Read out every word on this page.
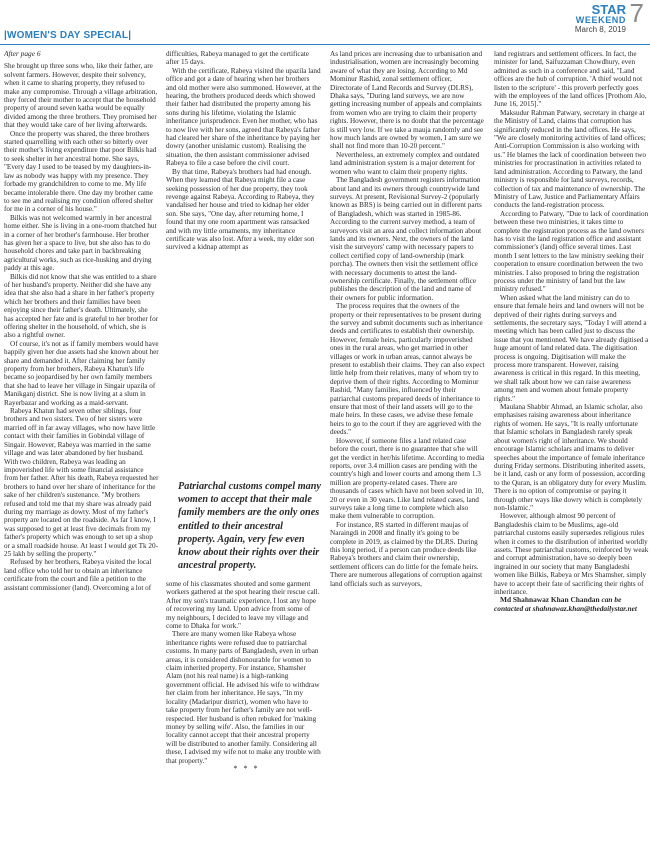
|WOMEN'S DAY SPECIAL|
STAR
WEEKEND
March 8, 2019
7

After page 6

She brought up three sons who, like their father, are solvent farmers. However, despite their solvency, when it came to sharing property, they refused to make any compromise. Through a village arbitration, they forced their mother to accept that the household property of around seven katha would be equally divided among the three brothers. They promised her that they would take care of her living afterwards.

Once the property was shared, the three brothers started quarrelling with each other so bitterly over their mother's living expenditure that poor Bilkis had to seek shelter in her ancestral home. She says, "Every day I used to be teased by my daughters-in-law as nobody was happy with my presence. They forbade my grandchildren to come to me. My life became intolerable there. One day my brother came to see me and realising my condition offered shelter for me in a corner of his house."

Bilkis was not welcomed warmly in her ancestral home either. She is living in a one-room thatched hut in a corner of her brother's farmhouse. Her brother has given her a space to live, but she also has to do household chores and take part in backbreaking agricultural works, such as rice-husking and drying paddy at this age.

Bilkis did not know that she was entitled to a share of her husband's property. Neither did she have any idea that she also had a share in her father's property which her brothers and their families have been enjoying since their father's death. Ultimately, she has accepted her fate and is grateful to her brother for offering shelter in the household, of which, she is also a rightful owner.

Of course, it's not as if family members would have happily given her due assets had she known about her share and demanded it. After claiming her family property from her brothers, Rabeya Khatun's life became so jeopardised by her own family members that she had to leave her village in Singair upazila of Manikganj district. She is now living at a slum in Rayerbazar and working as a maid-servant.

Rabeya Khatun had seven other siblings, four brothers and two sisters. Two of her sisters were married off in far away villages, who now have little contact with their families in Gobindal village of Singair. However, Rabeya was married in the same village and was later abandoned by her husband. With two children, Rabeya was leading an impoverished life with some financial assistance from her father. After his death, Rabeya requested her brothers to hand over her share of inheritance for the sake of her children's sustenance. "My brothers refused and told me that my share was already paid during my marriage as dowry. Most of my father's property are located on the roadside. As far I know, I was supposed to get at least five decimals from my father's property which was enough to set up a shop or a small roadside house. At least I would get Tk 20-25 lakh by selling the property."

Refused by her brothers, Rabeya visited the local land office who told her to obtain an inheritance certificate from the court and file a petition to the assistant commissioner (land). Overcoming a lot of

difficulties, Rabeya managed to get the certificate after 15 days.

With the certificate, Rabeya visited the upazila land office and got a date of hearing when her brothers and old mother were also summoned. However, at the hearing, the brothers produced deeds which showed their father had distributed the property among his sons during his lifetime, violating the Islamic inheritance jurisprudence. Even her mother, who has to now live with her sons, agreed that Rabeya's father had cleared her share of the inheritance by paying her dowry (another unislamic custom). Realising the situation, the then assistant commissioner advised Rabeya to file a case before the civil court.

By that time, Rabeya's brothers had had enough. When they learned that Rabeya might file a case seeking possession of her due property, they took revenge against Rabeya. According to Rabeya, they vandalised her house and tried to kidnap her elder son. She says, "One day, after returning home, I found that my one room apartment was ransacked and with my little ornaments, my inheritance certificate was also lost. After a week, my elder son survived a kidnap attempt as

some of his classmates shouted and some garment workers gathered at the spot hearing their rescue call. After my son's traumatic experience, I lost any hope of recovering my land. Upon advice from some of my neighbours, I decided to leave my village and come to Dhaka for work."

There are many women like Rabeya whose inheritance rights were refused due to patriarchal customs. In many parts of Bangladesh, even in urban areas, it is considered dishonourable for women to claim inherited property. For instance, Shamsher Alam (not his real name) is a high-ranking government official. He advised his wife to withdraw her claim from her inheritance. He says, "In my locality (Madaripur district), women who have to take property from her father's family are not well-respected. Her husband is often rebuked for 'making money by selling wife'. Also, the families in our locality cannot accept that their ancestral property will be distributed to another family. Considering all these, I advised my wife not to make any trouble with that property."

* * *

Patriarchal customs compel many women to accept that their male family members are the only ones entitled to their ancestral property. Again, very few even know about their rights over their ancestral property.

As land prices are increasing due to urbanisation and industrialisation, women are increasingly becoming aware of what they are losing. According to Md Mominur Rashid, zonal settlement officer, Directorate of Land Records and Survey (DLRS), Dhaka says, "During land surveys, we are now getting increasing number of appeals and complaints from women who are trying to claim their property rights. However, there is no doubt that the percentage is still very low. If we take a mauja randomly and see how much lands are owned by women, I am sure we shall not find more than 10-20 percent."

Nevertheless, an extremely complex and outdated land administration system is a major deterrent for women who want to claim their property rights.

The Bangladesh government registers information about land and its owners through countrywide land surveys. At present, Revisional Survey-2 (popularly known as BRS) is being carried out in different parts of Bangladesh, which was started in 1985-86. According to the current survey method, a team of surveyors visit an area and collect information about lands and its owners. Next, the owners of the land visit the surveyors' camp with necessary papers to collect certified copy of land-ownership (mark porcha). The owners then visit the settlement office with necessary documents to attest the land-ownership certificate. Finally, the settlement office publishes the description of the land and name of their owners for public information.

The process requires that the owners of the property or their representatives to be present during the survey and submit documents such as inheritance deeds and certificates to establish their ownership. However, female heirs, particularly impoverished ones in the rural areas, who get married in other villages or work in urban areas, cannot always be present to establish their claims. They can also expect little help from their relatives, many of whom try to deprive them of their rights. According to Mominur Rashid, "Many families, influenced by their patriarchal customs prepared deeds of inheritance to ensure that most of their land assets will go to the male heirs. In these cases, we advise these female heirs to go to the court if they are aggrieved with the deeds."

However, if someone files a land related case before the court, there is no guarantee that s/he will get the verdict in her/his lifetime. According to media reports, over 3.4 million cases are pending with the country's high and lower courts and among them 1.3 million are property-related cases. There are thousands of cases which have not been solved in 10, 20 or even in 30 years. Like land related cases, land surveys take a long time to complete which also make them vulnerable to corruption.

For instance, RS started in different maujas of Naraingdi in 2008 and finally it's going to be complete in 2019, as claimed by the DLRS. During this long period, if a person can produce deeds like Rabeya's brothers and claim their ownership, settlement officers can do little for the female heirs. There are numerous allegations of corruption against land officials such as surveyors,

land registrars and settlement officers. In fact, the minister for land, Saifuzzaman Chowdhury, even admitted as such in a conference and said, "Land offices are the hub of corruption. 'A thief would not listen to the scripture' - this proverb perfectly goes with the employees of the land offices [Prothom Alo, June 16, 2015]."

Maksudur Rahman Patwary, secretary in charge at the Ministry of Land, claims that corruption has significantly reduced in the land offices. He says, "We are closely monitoring activities of land offices; Anti-Corruption Commission is also working with us." He blames the lack of coordination between two ministries for procrastination in activities related to land administration. According to Patwary, the land ministry is responsible for land surveys, records, collection of tax and maintenance of ownership. The Ministry of Law, Justice and Parliamentary Affairs conducts the land-registration process.

According to Patwary, "Due to lack of coordination between these two ministries, it takes time to complete the registration process as the land owners has to visit the land registration office and assistant commissioner's (land) office several times. Last month I sent letters to the law ministry seeking their cooperation to ensure coordination between the two ministries. I also proposed to bring the registration process under the ministry of land but the law ministry refused."

When asked what the land ministry can do to ensure that female heirs and land owners will not be deprived of their rights during surveys and settlements, the secretary says, "Today I will attend a meeting which has been called just to discuss the issue that you mentioned. We have already digitised a huge amount of land related data. The digitisation process is ongoing. Digitisation will make the process more transparent. However, raising awareness is critical in this regard. In this meeting, we shall talk about how we can raise awareness among men and women about female property rights."

Maulana Shabbir Ahmad, an Islamic scholar, also emphasises raising awareness about inheritance rights of women. He says, "It is really unfortunate that Islamic scholars in Bangladesh rarely speak about women's right of inheritance. We should encourage Islamic scholars and imams to deliver speeches about the importance of female inheritance during Friday sermons. Distributing inherited assets, be it land, cash or any form of possession, according to the Quran, is an obligatory duty for every Muslim. There is no option of compromise or paying it through other ways like dowry which is completely non-Islamic."

However, although almost 90 percent of Bangladeshis claim to be Muslims, age-old patriarchal customs easily supersedes religious rules when it comes to the distribution of inherited worldly assets. These patriarchal customs, reinforced by weak and corrupt administration, have so deeply been ingrained in our society that many Bangladeshi women like Bilkis, Rabeya or Mrs Shamsher, simply have to accept their fate of sacrificing their rights of inheritance.

Md Shahnawaz Khan Chandan can be contacted at shahnawaz.khan@thedailystar.net
